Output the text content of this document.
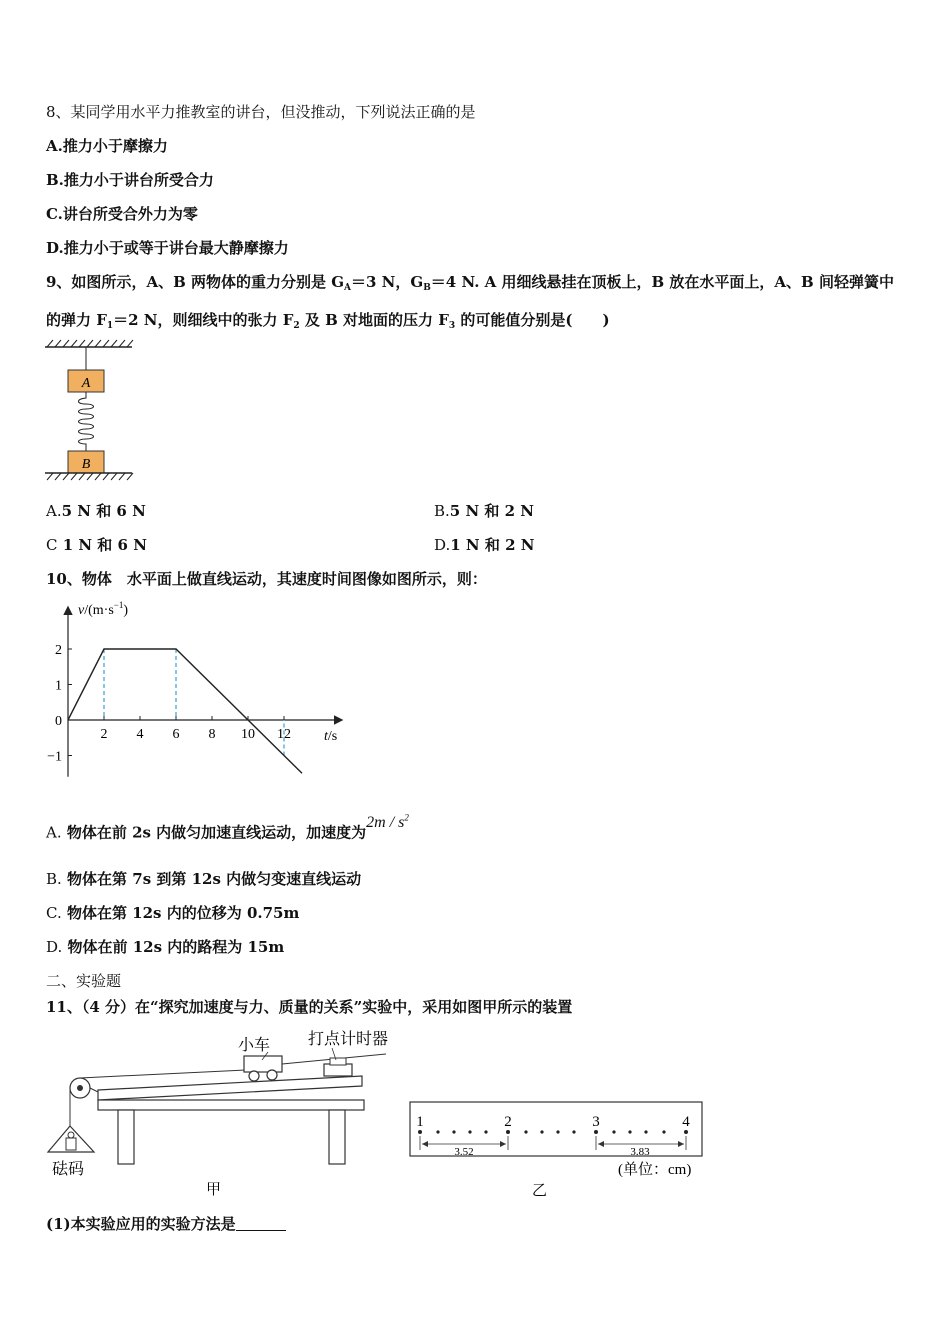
8、某同学用水平力推教室的讲台，但没推动，下列说法正确的是
A.推力小于摩擦力
B.推力小于讲台所受合力
C.讲台所受合外力为零
D.推力小于或等于讲台最大静摩擦力
9、如图所示，A、B 两物体的重力分别是 $G_A=3$ N，$G_B=4$ N. A 用细线悬挂在顶板上，B 放在水平面上，A、B 间轻弹簧中
的弹力 $F_1=2$ N，则细线中的张力 $F_2$ 及 B 对地面的压力 $F_3$ 的可能值分别是(　　)
A
B
A.5 N 和 6 N	B.5 N 和 2 N
C 1 N 和 6 N	D.1 N 和 2 N
10、物体　水平面上做直线运动，其速度时间图像如图所示，则：
2 4 6 8 10 12
2
1
0
−1
$v/(m\cdot s^{-1})$
t/s
A. 物体在前 2s 内做匀加速直线运动，加速度为$2m / s^2$
B. 物体在第 7s 到第 12s 内做匀变速直线运动
C. 物体在第 12s 内的位移为 0.75m
D. 物体在前 12s 内的路程为 15m
二、实验题
11、（4 分）在“探究加速度与力、质量的关系”实验中，采用如图甲所示的装置
小车 打点计时器
砝码
甲
1	2	3	4
3.52	3.83
(单位：cm)
乙
(1)本实验应用的实验方法是
